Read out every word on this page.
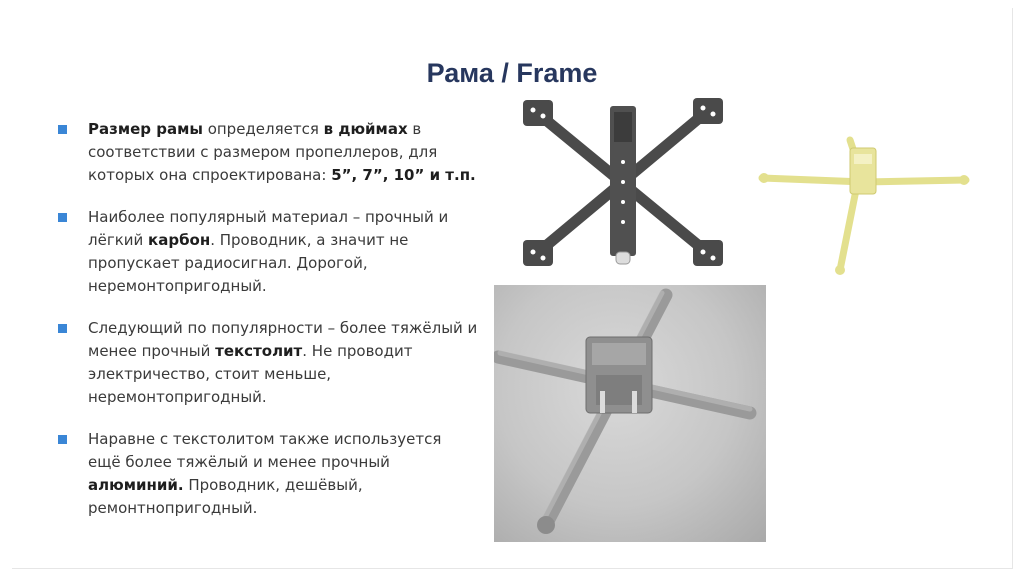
Рама / Frame
Размер рамы определяется в дюймах в соответствии с размером пропеллеров, для которых она спроектирована: 5”, 7”, 10” и т.п.
Наиболее популярный материал – прочный и лёгкий карбон. Проводник, а значит не пропускает радиосигнал. Дорогой, неремонтопригодный.
Следующий по популярности – более тяжёлый и менее прочный текстолит. Не проводит электричество, стоит меньше, неремонтопригодный.
Наравне с текстолитом также используется ещё более тяжёлый и менее прочный алюминий. Проводник, дешёвый, ремонтнопригодный.
